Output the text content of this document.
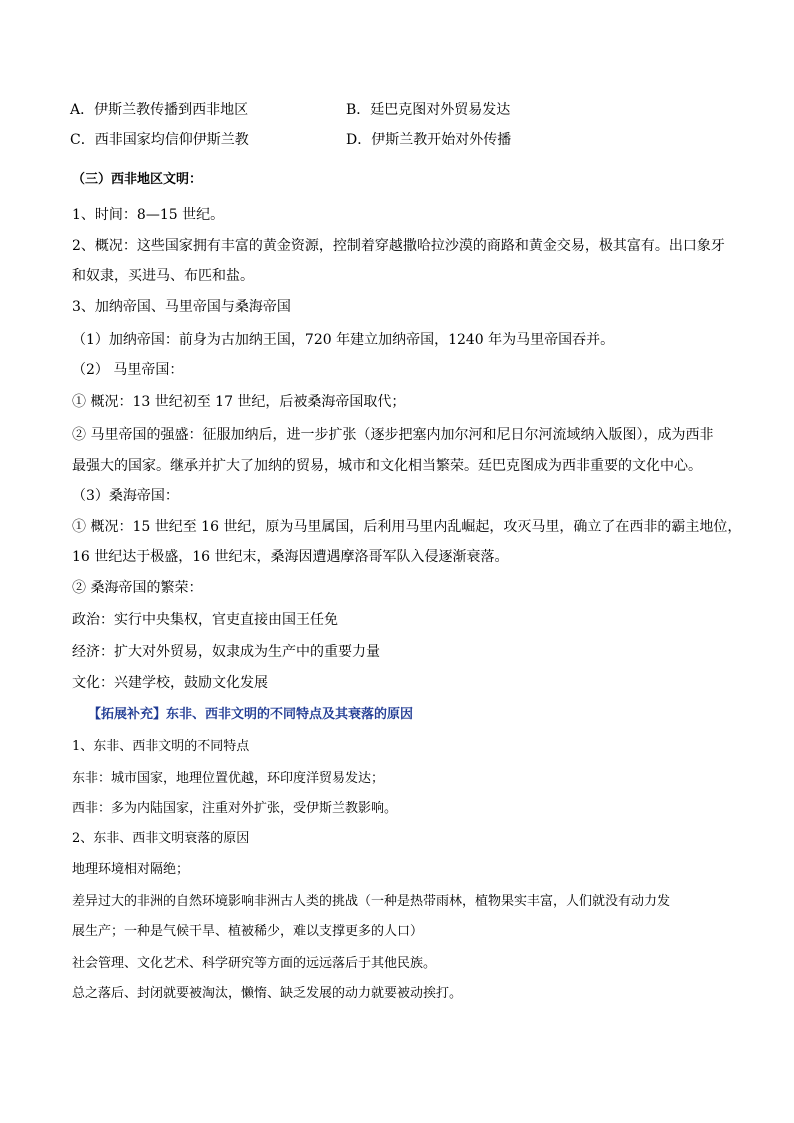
A．伊斯兰教传播到西非地区	B．廷巴克图对外贸易发达
C．西非国家均信仰伊斯兰教	D．伊斯兰教开始对外传播
（三）西非地区文明：
1、时间：8—15 世纪。
2、概况：这些国家拥有丰富的黄金资源，控制着穿越撒哈拉沙漠的商路和黄金交易，极其富有。出口象牙
和奴隶，买进马、布匹和盐。
3、加纳帝国、马里帝国与桑海帝国
（1）加纳帝国：前身为古加纳王国，720 年建立加纳帝国，1240 年为马里帝国吞并。
（2） 马里帝国：
① 概况：13 世纪初至 17 世纪，后被桑海帝国取代；
② 马里帝国的强盛：征服加纳后，进一步扩张（逐步把塞内加尔河和尼日尔河流域纳入版图），成为西非
最强大的国家。继承并扩大了加纳的贸易，城市和文化相当繁荣。廷巴克图成为西非重要的文化中心。
（3）桑海帝国：
① 概况：15 世纪至 16 世纪，原为马里属国，后利用马里内乱崛起，攻灭马里，确立了在西非的霸主地位，
16 世纪达于极盛，16 世纪末，桑海因遭遇摩洛哥军队入侵逐渐衰落。
② 桑海帝国的繁荣：
政治：实行中央集权，官吏直接由国王任免
经济：扩大对外贸易，奴隶成为生产中的重要力量
文化：兴建学校，鼓励文化发展
【拓展补充】东非、西非文明的不同特点及其衰落的原因
1、东非、西非文明的不同特点
东非：城市国家，地理位置优越，环印度洋贸易发达；
西非：多为内陆国家，注重对外扩张，受伊斯兰教影响。
2、东非、西非文明衰落的原因
地理环境相对隔绝；
差异过大的非洲的自然环境影响非洲古人类的挑战（一种是热带雨林，植物果实丰富，人们就没有动力发
展生产；一种是气候干旱、植被稀少，难以支撑更多的人口）
社会管理、文化艺术、科学研究等方面的远远落后于其他民族。
总之落后、封闭就要被淘汰，懒惰、缺乏发展的动力就要被动挨打。
